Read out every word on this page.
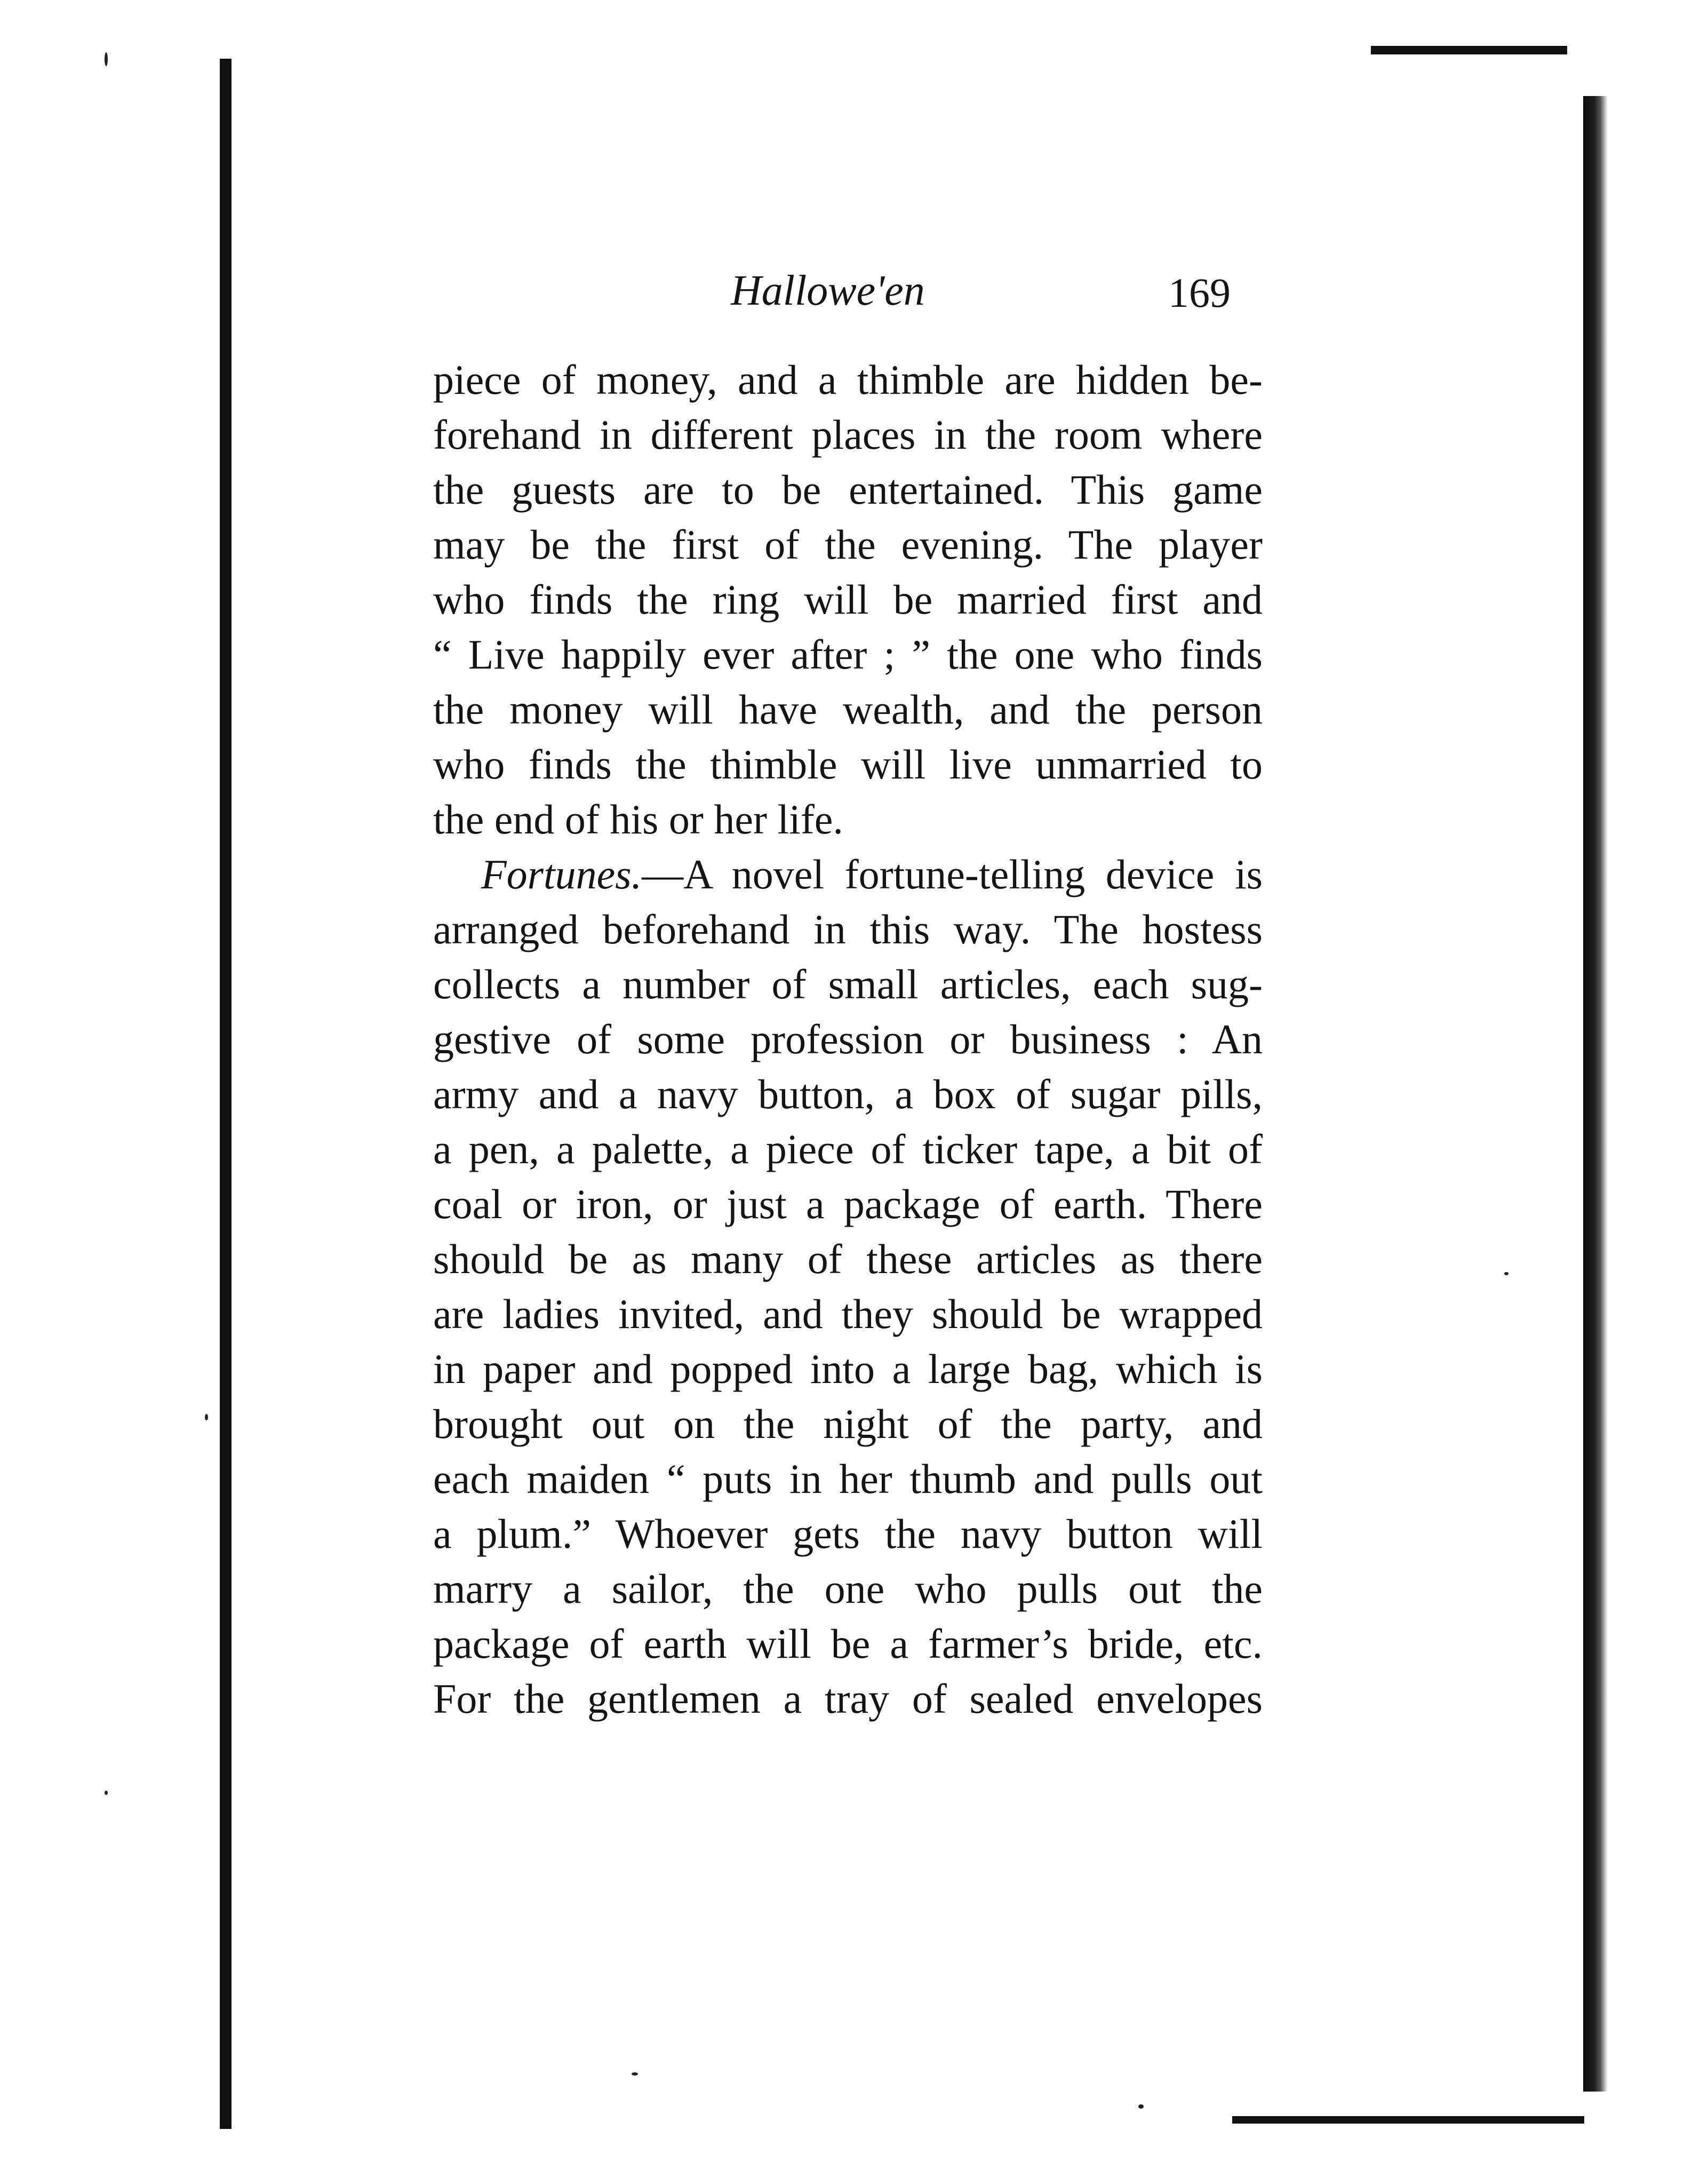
Hallowe'en	169
piece of money, and a thimble are hidden be-
forehand in different places in the room where
the guests are to be entertained. This game
may be the first of the evening. The player
who finds the ring will be married first and
“ Live happily ever after ; ” the one who finds
the money will have wealth, and the person
who finds the thimble will live unmarried to
the end of his or her life.
Fortunes.—A novel fortune-telling device is
arranged beforehand in this way. The hostess
collects a number of small articles, each sug-
gestive of some profession or business : An
army and a navy button, a box of sugar pills,
a pen, a palette, a piece of ticker tape, a bit of
coal or iron, or just a package of earth. There
should be as many of these articles as there
are ladies invited, and they should be wrapped
in paper and popped into a large bag, which is
brought out on the night of the party, and
each maiden “ puts in her thumb and pulls out
a plum.” Whoever gets the navy button will
marry a sailor, the one who pulls out the
package of earth will be a farmer’s bride, etc.
For the gentlemen a tray of sealed envelopes
